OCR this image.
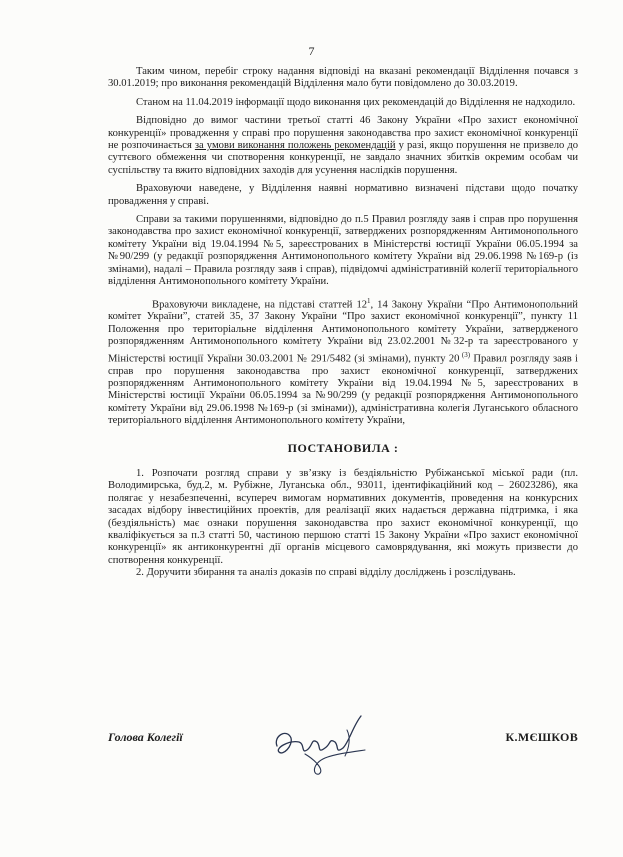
7

Таким чином, перебіг строку надання відповіді на вказані рекомендації Відділення почався з 30.01.2019; про виконання рекомендацій Відділення мало бути повідомлено до 30.03.2019.

Станом на 11.04.2019 інформації щодо виконання цих рекомендацій до Відділення не надходило.

Відповідно до вимог частини третьої статті 46 Закону України «Про захист економічної конкуренції» провадження у справі про порушення законодавства про захист економічної конкуренції не розпочинається за умови виконання положень рекомендацій у разі, якщо порушення не призвело до суттєвого обмеження чи спотворення конкуренції, не завдало значних збитків окремим особам чи суспільству та вжито відповідних заходів для усунення наслідків порушення.

Враховуючи наведене, у Відділення наявні нормативно визначені підстави щодо початку провадження у справі.

Справи за такими порушеннями, відповідно до п.5 Правил розгляду заяв і справ про порушення законодавства про захист економічної конкуренції, затверджених розпорядженням Антимонопольного комітету України від 19.04.1994 №5, зареєстрованих в Міністерстві юстиції України 06.05.1994 за №90/299 (у редакції розпорядження Антимонопольного комітету України від 29.06.1998 №169-р (із змінами), надалі – Правила розгляду заяв і справ), підвідомчі адміністративній колегії територіального відділення Антимонопольного комітету України.

Враховуючи викладене, на підставі статтей $12^1$, 14 Закону України “Про Антимонопольний комітет України”, статей 35, 37 Закону України “Про захист економічної конкуренції”, пункту 11 Положення про територіальне відділення Антимонопольного комітету України, затвердженого розпорядженням Антимонопольного комітету України від 23.02.2001 №32-р та зареєстрованого у Міністерстві юстиції України 30.03.2001 № 291/5482 (зі змінами), пункту 20 $^{(3)}$ Правил розгляду заяв і справ про порушення законодавства про захист економічної конкуренції, затверджених розпорядженням Антимонопольного комітету України від 19.04.1994 №5, зареєстрованих в Міністерстві юстиції України 06.05.1994 за №90/299 (у редакції розпорядження Антимонопольного комітету України від 29.06.1998 №169-р (зі змінами)), адміністративна колегія Луганського обласного територіального відділення Антимонопольного комітету України,

ПОСТАНОВИЛА :

1. Розпочати розгляд справи у зв’язку із бездіяльністю Рубіжанської міської ради (пл. Володимирська, буд.2, м. Рубіжне, Луганська обл., 93011, ідентифікаційний код – 26023286), яка полягає у незабезпеченні, всупереч вимогам нормативних документів, проведення на конкурсних засадах відбору інвестиційних проектів, для реалізації яких надається державна підтримка, і яка (бездіяльність) має ознаки порушення законодавства про захист економічної конкуренції, що кваліфікується за п.3 статті 50, частиною першою статті 15 Закону України «Про захист економічної конкуренції» як антиконкурентні дії органів місцевого самоврядування, які можуть призвести до спотворення конкуренції.

2. Доручити збирання та аналіз доказів по справі відділу досліджень і розслідувань.

Голова Колегії	К.МЄШКОВ
